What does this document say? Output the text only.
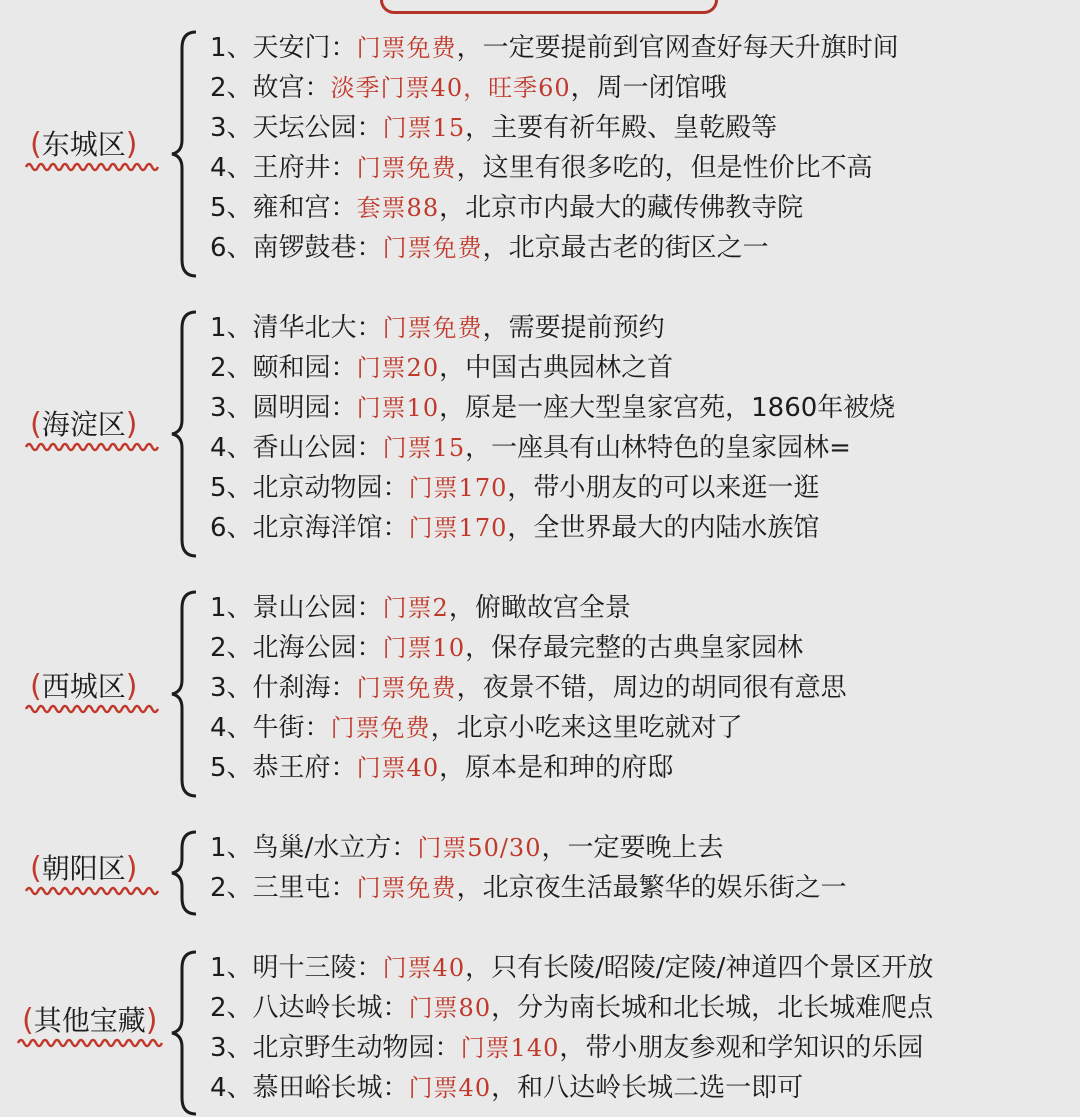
(东城区)
1、天安门：门票免费，一定要提前到官网查好每天升旗时间
2、故宫：淡季门票40，旺季60，周一闭馆哦
3、天坛公园：门票15，主要有祈年殿、皇乾殿等
4、王府井：门票免费，这里有很多吃的，但是性价比不高
5、雍和宫：套票88，北京市内最大的藏传佛教寺院
6、南锣鼓巷：门票免费，北京最古老的街区之一
(海淀区)
1、清华北大：门票免费，需要提前预约
2、颐和园：门票20，中国古典园林之首
3、圆明园：门票10，原是一座大型皇家宫苑，1860年被烧
4、香山公园：门票15，一座具有山林特色的皇家园林=
5、北京动物园：门票170，带小朋友的可以来逛一逛
6、北京海洋馆：门票170，全世界最大的内陆水族馆
(西城区)
1、景山公园：门票2，俯瞰故宫全景
2、北海公园：门票10，保存最完整的古典皇家园林
3、什刹海：门票免费，夜景不错，周边的胡同很有意思
4、牛街：门票免费，北京小吃来这里吃就对了
5、恭王府：门票40，原本是和珅的府邸
(朝阳区)
1、鸟巢/水立方：门票50/30，一定要晚上去
2、三里屯：门票免费，北京夜生活最繁华的娱乐街之一
(其他宝藏)
1、明十三陵：门票40，只有长陵/昭陵/定陵/神道四个景区开放
2、八达岭长城：门票80，分为南长城和北长城，北长城难爬点
3、北京野生动物园：门票140，带小朋友参观和学知识的乐园
4、慕田峪长城：门票40，和八达岭长城二选一即可
